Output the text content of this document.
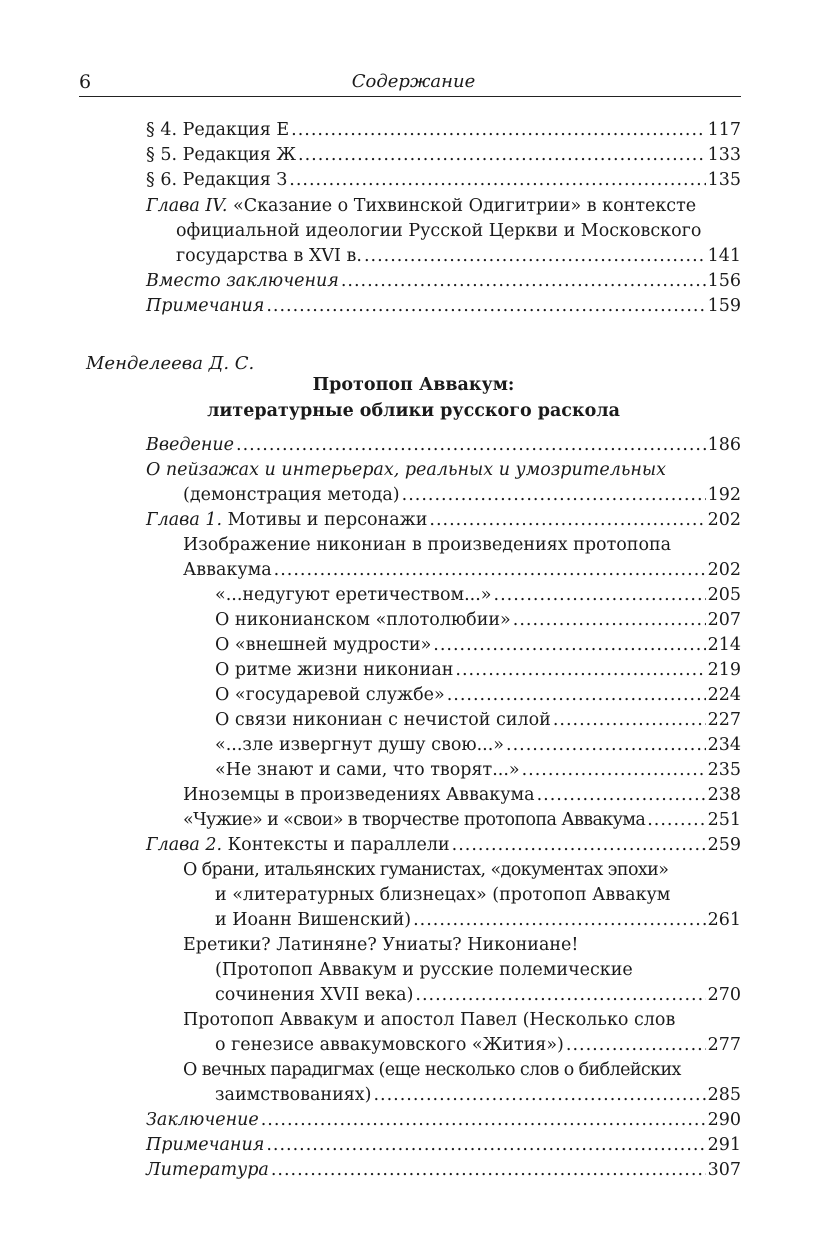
6	Содержание
§ 4. Редакция Е .....	117
§ 5. Редакция Ж .....	133
§ 6. Редакция З .....	135
Глава IV. «Сказание о Тихвинской Одигитрии» в контексте
официальной идеологии Русской Церкви и Московского
государства в XVI в. .....	141
Вместо заключения .....	156
Примечания .....	159
Менделеева Д. С.
Протопоп Аввакум:
литературные облики русского раскола
Введение .....	186
О пейзажах и интерьерах, реальных и умозрительных
(демонстрация метода) .....	192
Глава 1. Мотивы и персонажи .....	202
Изображение никониан в произведениях протопопа
Аввакума .....	202
«...недугуют еретичеством...» .....	205
О никонианском «плотолюбии» .....	207
О «внешней мудрости» .....	214
О ритме жизни никониан .....	219
О «государевой службе» .....	224
О связи никониан с нечистой силой .....	227
«...зле извергнут душу свою...» .....	234
«Не знают и сами, что творят...» .....	235
Иноземцы в произведениях Аввакума .....	238
«Чужие» и «свои» в творчестве протопопа Аввакума .....	251
Глава 2. Контексты и параллели .....	259
О брани, итальянских гуманистах, «документах эпохи»
и «литературных близнецах» (протопоп Аввакум
и Иоанн Вишенский) .....	261
Еретики? Латиняне? Униаты? Никониане!
(Протопоп Аввакум и русские полемические
сочинения XVII века) .....	270
Протопоп Аввакум и апостол Павел (Несколько слов
о генезисе аввакумовского «Жития») .....	277
О вечных парадигмах (еще несколько слов о библейских
заимствованиях) .....	285
Заключение .....	290
Примечания .....	291
Литература .....	307
